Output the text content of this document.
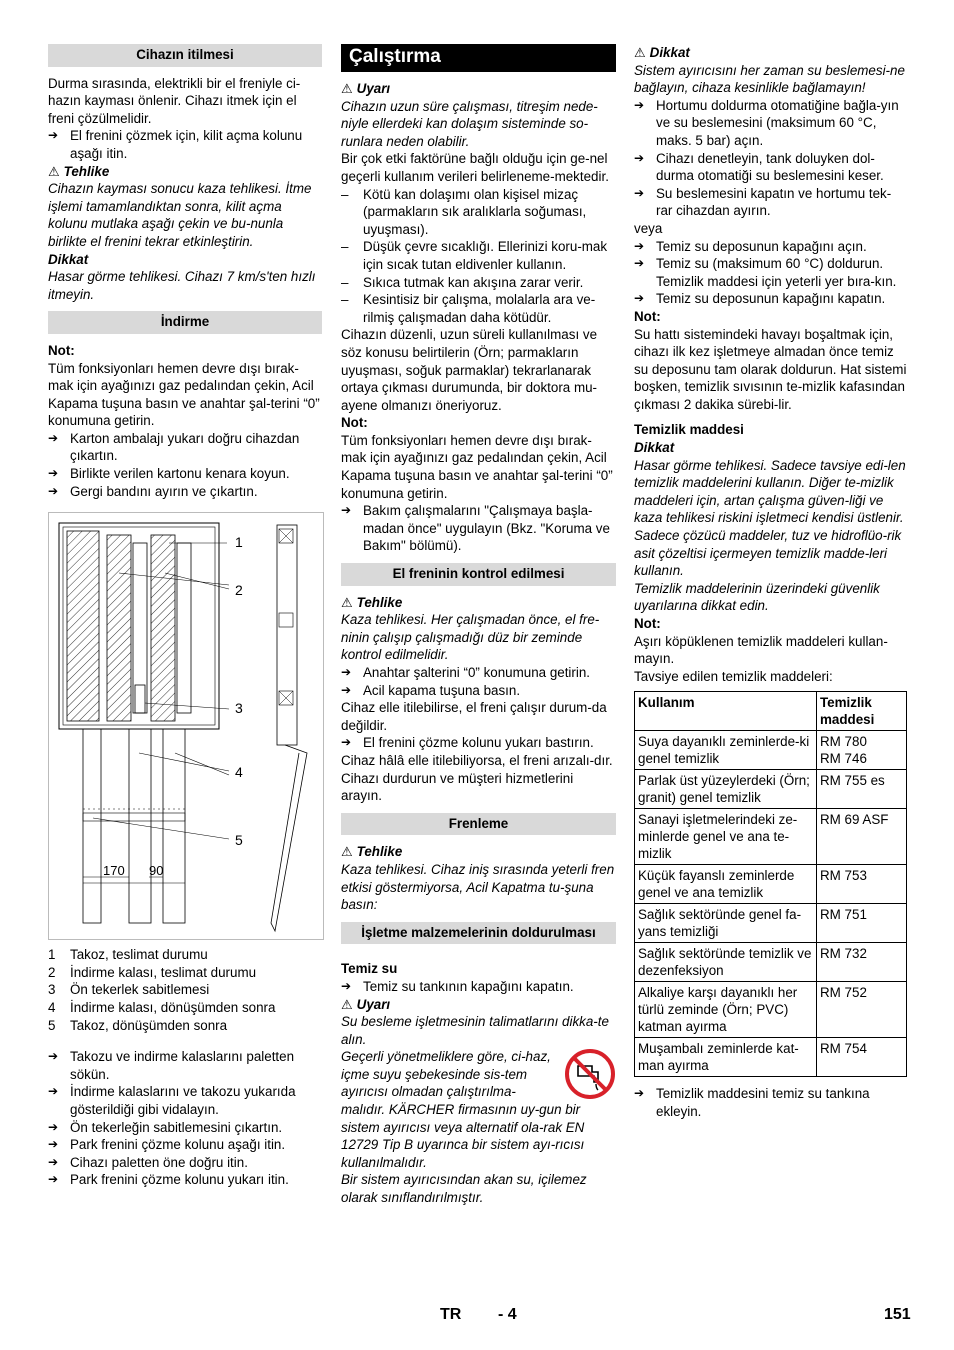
Cihazın itilmesi

Durma sırasında, elektrikli bir el freniyle ci-hazın kayması önlenir. Cihazı itmek için el freni çözülmelidir.

➔ El frenini çözmek için, kilit açma kolunu aşağı itin.
⚠ Tehlike

Cihazın kayması sonucu kaza tehlikesi. İtme işlemi tamamlandıktan sonra, kilit açma kolunu mutlaka aşağı çekin ve bu-nunla birlikte el frenini tekrar etkinleştirin.

Dikkat

Hasar görme tehlikesi. Cihazı 7 km/s'ten hızlı itmeyin.

İndirme

Not:

Tüm fonksiyonları hemen devre dışı bırak-mak için ayağınızı gaz pedalından çekin, Acil Kapama tuşuna basın ve anahtar şal-terini “0” konumuna getirin.

➔ Karton ambalajı yukarı doğru cihazdan çıkartın.
➔ Birlikte verilen kartonu kenara koyun.
➔ Gergi bandını ayırın ve çıkartın.
1
2
3
4
5
170 90
1	Takoz, teslimat durumu
2	İndirme kalası, teslimat durumu
3	Ön tekerlek sabitlemesi
4	İndirme kalası, dönüşümden sonra
5	Takoz, dönüşümden sonra
➔ Takozu ve indirme kalaslarını paletten sökün.
➔ İndirme kalaslarını ve takozu yukarıda gösterildiği gibi vidalayın.
➔ Ön tekerleğin sabitlemesini çıkartın.
➔ Park frenini çözme kolunu aşağı itin.
➔ Cihazı paletten öne doğru itin.
➔ Park frenini çözme kolunu yukarı itin.
Çalıştırma
⚠ Uyarı

Cihazın uzun süre çalışması, titreşim nede-niyle ellerdeki kan dolaşım sisteminde so-runlara neden olabilir.

Bir çok etki faktörüne bağlı olduğu için ge-nel geçerli kullanım verileri belirleneme-mektedir.

–	Kötü kan dolaşımı olan kişisel mizaç (parmakların sık aralıklarla soğuması, uyuşması).
–	Düşük çevre sıcaklığı. Ellerinizi koru-mak için sıcak tutan eldivenler kullanın.
–	Sıkıca tutmak kan akışına zarar verir.
–	Kesintisiz bir çalışma, molalarla ara ve-rilmiş çalışmadan daha kötüdür.

Cihazın düzenli, uzun süreli kullanılması ve söz konusu belirtilerin (Örn; parmakların uyuşması, soğuk parmaklar) tekrarlanarak ortaya çıkması durumunda, bir doktora mu-ayene olmanızı öneriyoruz.

Not:

Tüm fonksiyonları hemen devre dışı bırak-mak için ayağınızı gaz pedalından çekin, Acil Kapama tuşuna basın ve anahtar şal-terini “0” konumuna getirin.

➔ Bakım çalışmalarını "Çalışmaya başla-madan önce" uygulayın (Bkz. "Koruma ve Bakım" bölümü).
El freninin kontrol edilmesi
⚠ Tehlike

Kaza tehlikesi. Her çalışmadan önce, el fre-ninin çalışıp çalışmadığı düz bir zeminde kontrol edilmelidir.

➔ Anahtar şalterini “0” konumuna getirin.
➔ Acil kapama tuşuna basın.

Cihaz elle itilebilirse, el freni çalışır durum-da değildir.

➔ El frenini çözme kolunu yukarı bastırın.

Cihaz hâlâ elle itilebiliyorsa, el freni arızalı-dır. Cihazı durdurun ve müşteri hizmetlerini arayın.

Frenleme
⚠ Tehlike

Kaza tehlikesi. Cihaz iniş sırasında yeterli fren etkisi göstermiyorsa, Acil Kapatma tu-şuna basın:

İşletme malzemelerinin doldurulması

Temiz su

➔ Temiz su tankının kapağını kapatın.
⚠ Uyarı

Su besleme işletmesinin talimatlarını dikka-te alın.

Geçerli yönetmeliklere göre, ci-haz, içme suyu şebekesinde sis-tem ayırıcısı olmadan çalıştırılma-malıdır. KÄRCHER firmasının uy-gun bir sistem ayırıcısı veya alternatif ola-rak EN 12729 Tip B uyarınca bir sistem ayı-rıcısı kullanılmalıdır.

Bir sistem ayırıcısından akan su, içilemez olarak sınıflandırılmıştır.

⚠ Dikkat

Sistem ayırıcısını her zaman su beslemesi-ne bağlayın, cihaza kesinlikle bağlamayın!

➔ Hortumu doldurma otomatiğine bağla-yın ve su beslemesini (maksimum 60 °C, maks. 5 bar) açın.
➔ Cihazı denetleyin, tank doluyken dol-durma otomatiği su beslemesini keser.
➔ Su beslemesini kapatın ve hortumu tek-rar cihazdan ayırın.

veya

➔ Temiz su deposunun kapağını açın.
➔ Temiz su (maksimum 60 °C) doldurun. Temizlik maddesi için yeterli yer bıra-kın.
➔ Temiz su deposunun kapağını kapatın.

Not:

Su hattı sistemindeki havayı boşaltmak için, cihazı ilk kez işletmeye almadan önce temiz su deposunu tam olarak doldurun. Hat sistemi boşken, temizlik sıvısının te-mizlik kafasından çıkması 2 dakika sürebi-lir.

Temizlik maddesi

Dikkat

Hasar görme tehlikesi. Sadece tavsiye edi-len temizlik maddelerini kullanın. Diğer te-mizlik maddeleri için, artan çalışma güven-liği ve kaza tehlikesi riskini işletmeci kendisi üstlenir.

Sadece çözücü maddeler, tuz ve hidroflüo-rik asit çözeltisi içermeyen temizlik madde-leri kullanın.

Temizlik maddelerinin üzerindeki güvenlik uyarılarına dikkat edin.

Not:

Aşırı köpüklenen temizlik maddeleri kullan-mayın.

Tavsiye edilen temizlik maddeleri:

Kullanım	Temizlik maddesi
Suya dayanıklı zeminlerde-ki genel temizlik	RM 780
RM 746
Parlak üst yüzeylerdeki (Örn; granit) genel temizlik	RM 755 es
Sanayi işletmelerindeki ze-minlerde genel ve ana te-mizlik	RM 69 ASF
Küçük fayanslı zeminlerde genel ve ana temizlik	RM 753
Sağlık sektöründe genel fa-yans temizliği	RM 751
Sağlık sektöründe temizlik ve dezenfeksiyon	RM 732
Alkaliye karşı dayanıklı her türlü zeminde (Örn; PVC) katman ayırma	RM 752
Muşambalı zeminlerde kat-man ayırma	RM 754
➔ Temizlik maddesini temiz su tankına ekleyin.
TR - 4	151
